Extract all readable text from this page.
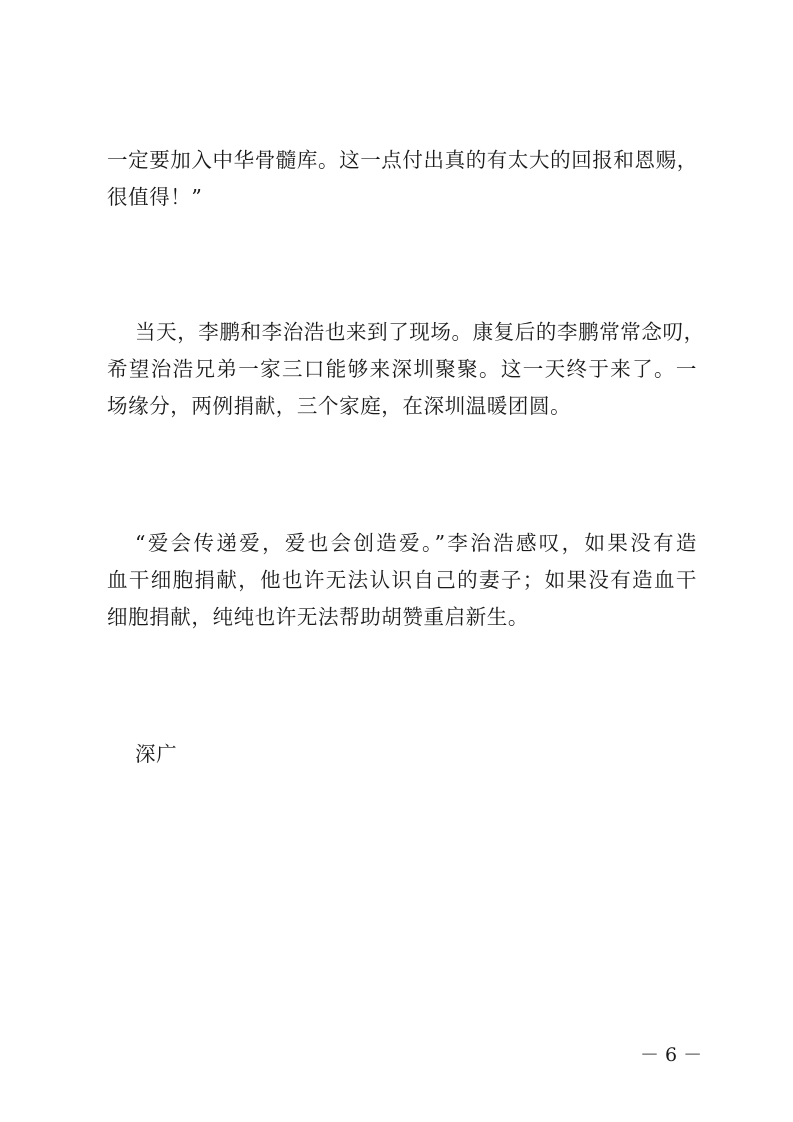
一定要加入中华骨髓库。这一点付出真的有太大的回报和恩赐，
很值得！”
当天，李鹏和李治浩也来到了现场。康复后的李鹏常常念叨，
希望治浩兄弟一家三口能够来深圳聚聚。这一天终于来了。一
场缘分，两例捐献，三个家庭，在深圳温暖团圆。
“爱会传递爱，爱也会创造爱。”李治浩感叹，如果没有造
血干细胞捐献，他也许无法认识自己的妻子；如果没有造血干
细胞捐献，纯纯也许无法帮助胡赞重启新生。
深广
－ 6 －
